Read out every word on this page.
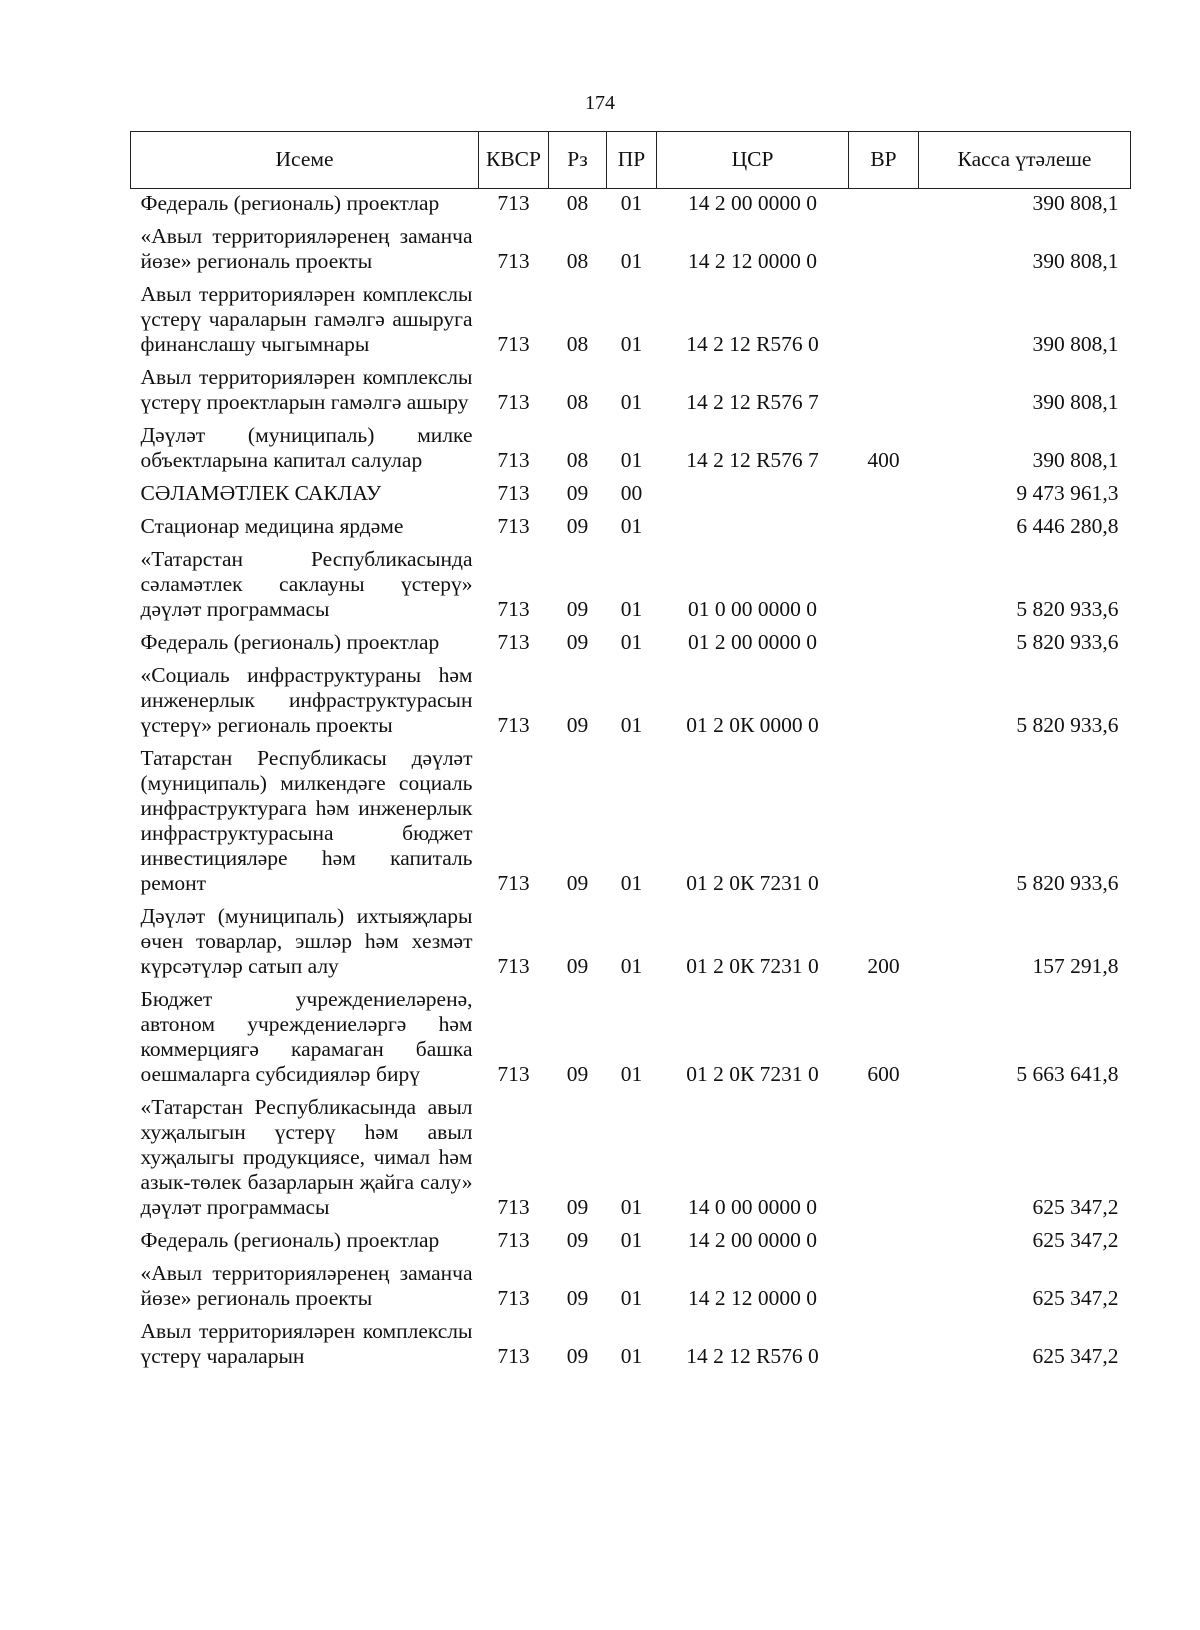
174
Исеме	КВСР	Рз	ПР	ЦСР	ВР	Касса үтәлеше
Федераль (региональ) проектлар	713	08	01	14 2 00 0000 0		390 808,1
«Авыл территорияләренең заманча йөзе» региональ проекты	713	08	01	14 2 12 0000 0		390 808,1
Авыл территорияләрен комплекслы үстерү чараларын гамәлгә ашыруга финанслашу чыгымнары	713	08	01	14 2 12 R576 0		390 808,1
Авыл территорияләрен комплекслы үстерү проектларын гамәлгә ашыру	713	08	01	14 2 12 R576 7		390 808,1
Дәүләт (муниципаль) милке объектларына капитал салулар	713	08	01	14 2 12 R576 7	400	390 808,1
СӘЛАМӘТЛЕК САКЛАУ	713	09	00			9 473 961,3
Стационар медицина ярдәме	713	09	01			6 446 280,8
«Татарстан Республикасында сәламәтлек саклауны үстерү» дәүләт программасы	713	09	01	01 0 00 0000 0		5 820 933,6
Федераль (региональ) проектлар	713	09	01	01 2 00 0000 0		5 820 933,6
«Социаль инфраструктураны һәм инженерлык инфраструктурасын үстерү» региональ проекты	713	09	01	01 2 0К 0000 0		5 820 933,6
Татарстан Республикасы дәүләт (муниципаль) милкендәге социаль инфраструктурага һәм инженерлык инфраструктурасына бюджет инвестицияләре һәм капиталь ремонт	713	09	01	01 2 0К 7231 0		5 820 933,6
Дәүләт (муниципаль) ихтыяҗлары өчен товарлар, эшләр һәм хезмәт күрсәтүләр сатып алу	713	09	01	01 2 0К 7231 0	200	157 291,8
Бюджет учреждениеләренә, автоном учреждениеләргә һәм коммерциягә карамаган башка оешмаларга субсидияләр бирү	713	09	01	01 2 0К 7231 0	600	5 663 641,8
«Татарстан Республикасында авыл хуҗалыгын үстерү һәм авыл хуҗалыгы продукциясе, чимал һәм азык-төлек базарларын җайга салу» дәүләт программасы	713	09	01	14 0 00 0000 0		625 347,2
Федераль (региональ) проектлар	713	09	01	14 2 00 0000 0		625 347,2
«Авыл территорияләренең заманча йөзе» региональ проекты	713	09	01	14 2 12 0000 0		625 347,2
Авыл территорияләрен комплекслы үстерү чараларын	713	09	01	14 2 12 R576 0		625 347,2
